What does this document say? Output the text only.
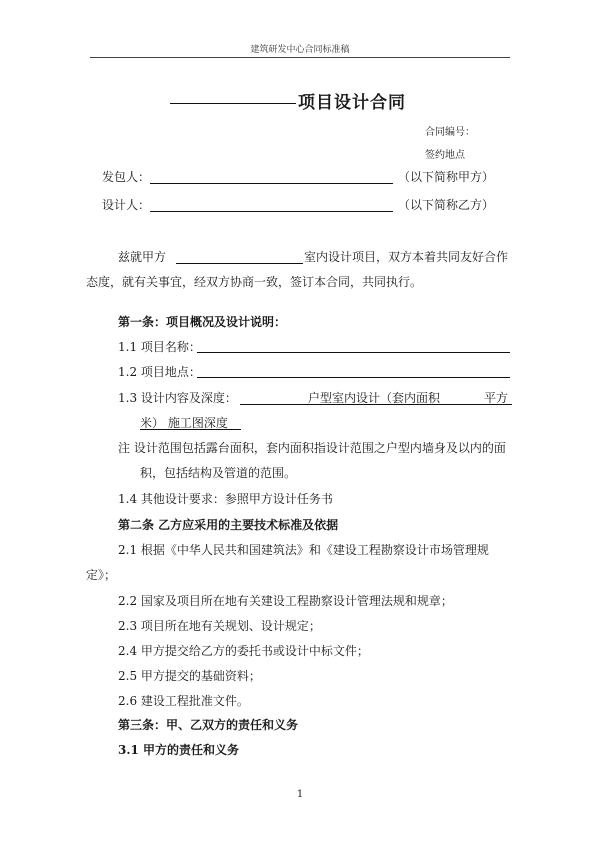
建筑研发中心合同标准稿
项目设计合同
合同编号：
签约地点
发包人：	（以下简称甲方）
设计人：	（以下简称乙方）
兹就甲方	室内设计项目，双方本着共同友好合作
态度，就有关事宜，经双方协商一致，签订本合同，共同执行。
第一条：项目概况及设计说明：
1.1 项目名称：
1.2 项目地点：
1.3 设计内容及深度：	户型室内设计（套内面积	平方
米） 施工图深度
注 设计范围包括露台面积，套内面积指设计范围之户型内墙身及以内的面
积，包括结构及管道的范围。
1.4 其他设计要求：参照甲方设计任务书
第二条 乙方应采用的主要技术标准及依据
2.1 根据《中华人民共和国建筑法》和《建设工程勘察设计市场管理规
定》；
2.2 国家及项目所在地有关建设工程勘察设计管理法规和规章；
2.3 项目所在地有关规划、设计规定；
2.4 甲方提交给乙方的委托书或设计中标文件；
2.5 甲方提交的基础资料；
2.6 建设工程批准文件。
第三条：甲、乙双方的责任和义务
3.1 甲方的责任和义务
1
